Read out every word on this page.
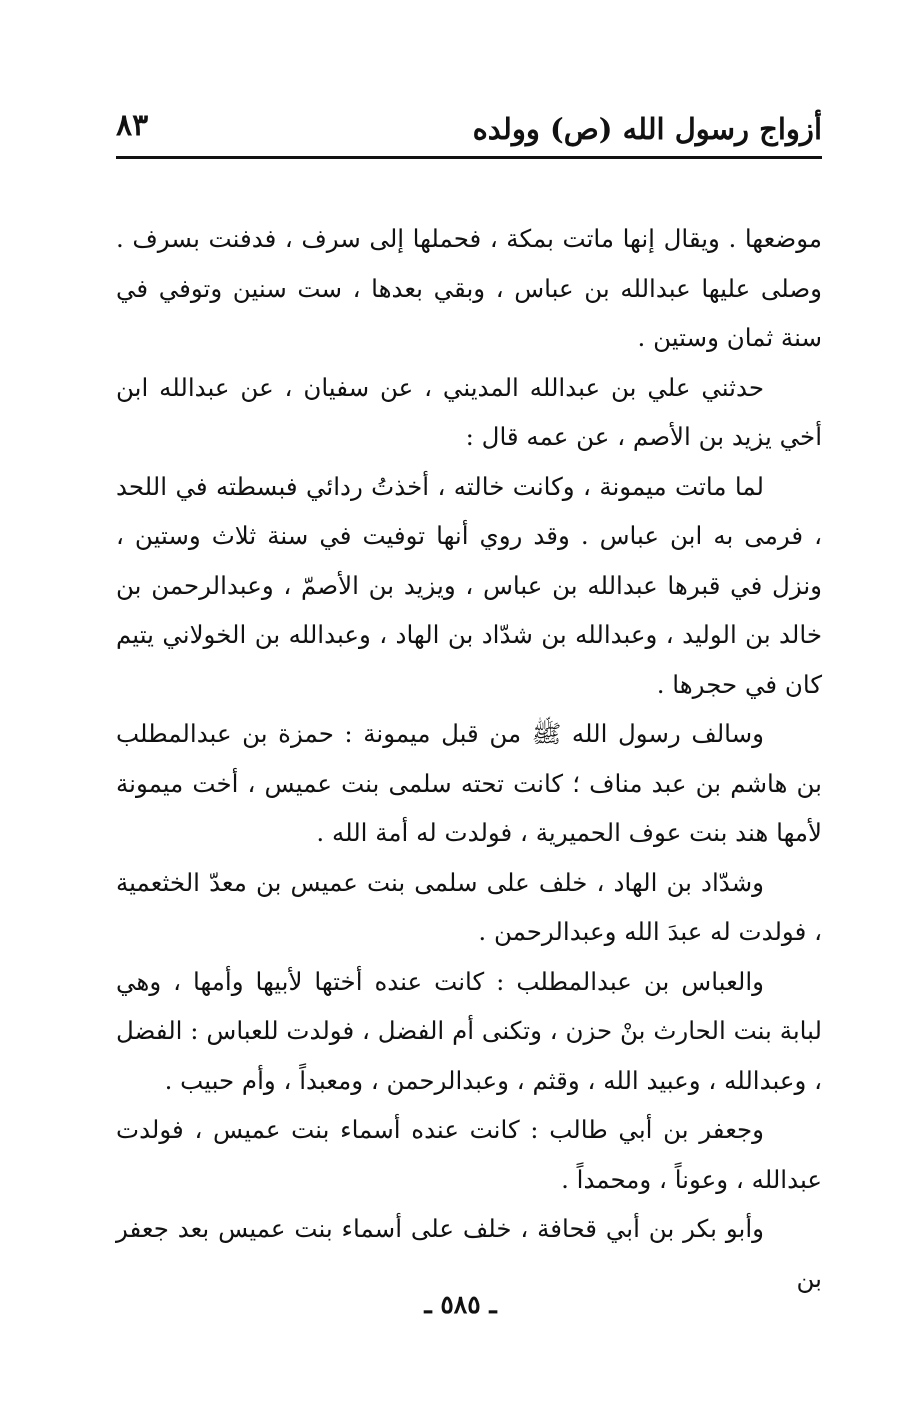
أزواج رسول الله (ص) وولده
٨٣

موضعها . ويقال إنها ماتت بمكة ، فحملها إلى سرف ، فدفنت بسرف . وصلى عليها عبدالله بن عباس ، وبقي بعدها ، ست سنين وتوفي في سنة ثمان وستين .

حدثني علي بن عبدالله المديني ، عن سفيان ، عن عبدالله ابن أخي يزيد بن الأصم ، عن عمه قال :

لما ماتت ميمونة ، وكانت خالته ، أخذتُ ردائي فبسطته في اللحد ، فرمى به ابن عباس . وقد روي أنها توفيت في سنة ثلاث وستين ، ونزل في قبرها عبدالله بن عباس ، ويزيد بن الأصمّ ، وعبدالرحمن بن خالد بن الوليد ، وعبدالله بن شدّاد بن الهاد ، وعبدالله بن الخولاني يتيم كان في حجرها .

وسالف رسول الله ﷺ من قبل ميمونة : حمزة بن عبدالمطلب بن هاشم بن عبد مناف ؛ كانت تحته سلمى بنت عميس ، أخت ميمونة لأمها هند بنت عوف الحميرية ، فولدت له أمة الله .

وشدّاد بن الهاد ، خلف على سلمى بنت عميس بن معدّ الخثعمية ، فولدت له عبدَ الله وعبدالرحمن .

والعباس بن عبدالمطلب : كانت عنده أختها لأبيها وأمها ، وهي لبابة بنت الحارث بنْ حزن ، وتكنى أم الفضل ، فولدت للعباس : الفضل ، وعبدالله ، وعبيد الله ، وقثم ، وعبدالرحمن ، ومعبداً ، وأم حبيب .

وجعفر بن أبي طالب : كانت عنده أسماء بنت عميس ، فولدت عبدالله ، وعوناً ، ومحمداً .

وأبو بكر بن أبي قحافة ، خلف على أسماء بنت عميس بعد جعفر بن

ـ ٥٨٥ ـ
